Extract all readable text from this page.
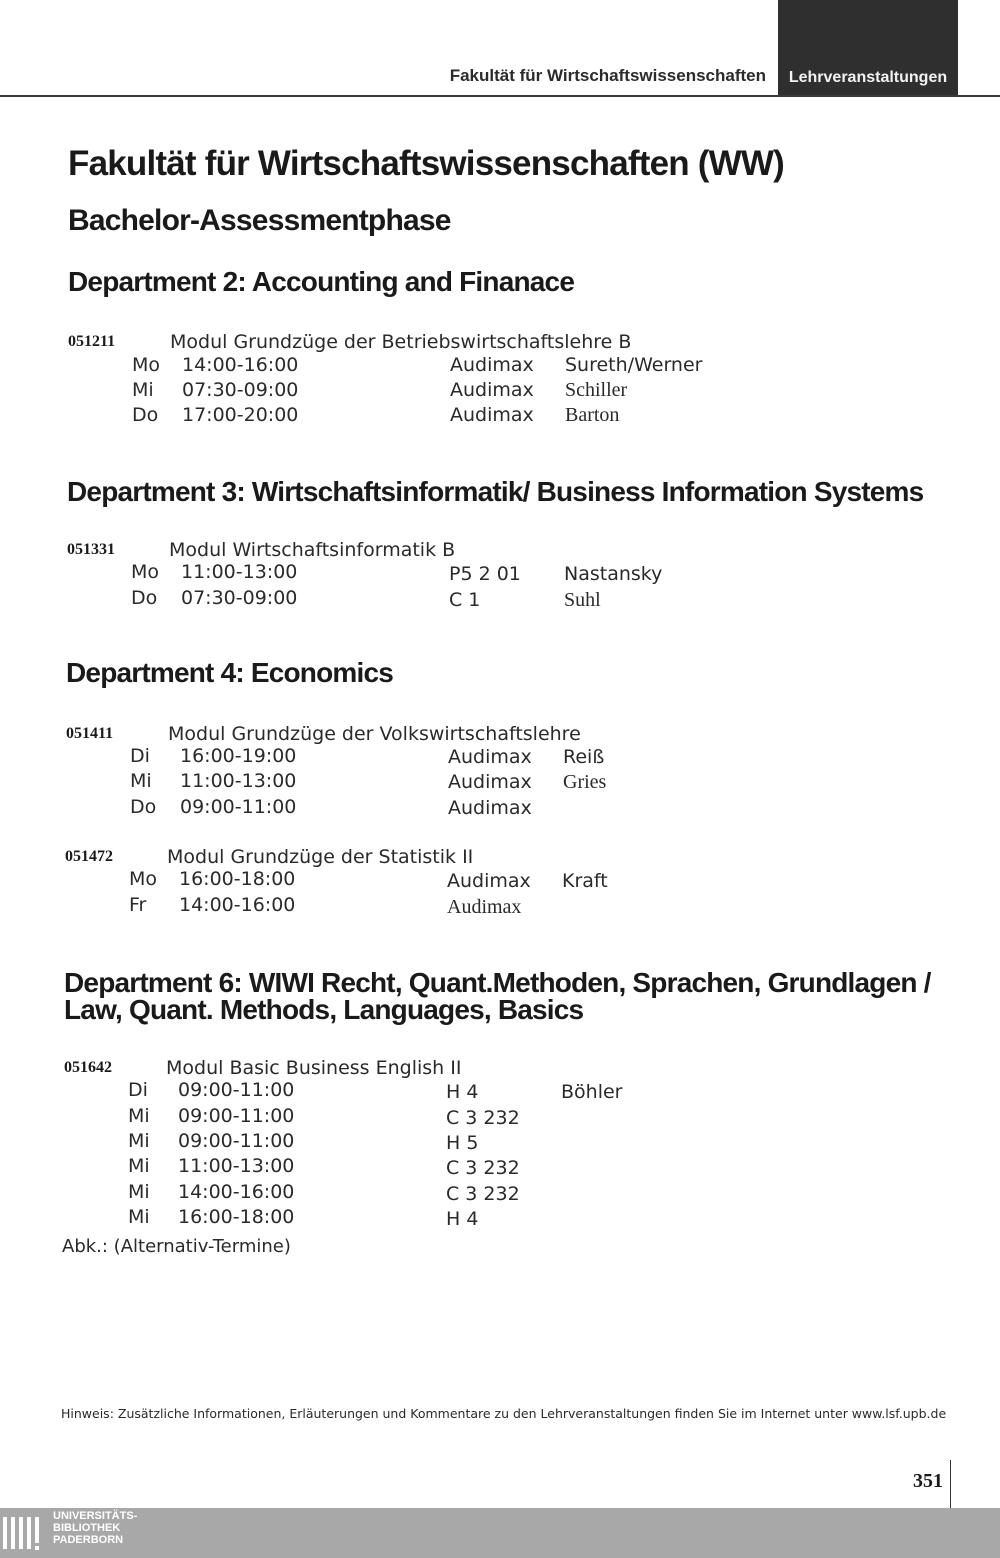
Fakultät für Wirtschaftswissenschaften	Lehrveranstaltungen
Fakultät für Wirtschaftswissenschaften (WW)
Bachelor-Assessmentphase
Department 2: Accounting and Finanace
051211	Modul Grundzüge der Betriebswirtschaftslehre B
Mo 14:00-16:00	Audimax Sureth/Werner
Mi 07:30-09:00	Audimax Schiller
Do 17:00-20:00	Audimax Barton
Department 3: Wirtschaftsinformatik/ Business Information Systems
051331	Modul Wirtschaftsinformatik B
Mo 11:00-13:00	P5 2 01 Nastansky
Do 07:30-09:00	C 1	Suhl
Department 4: Economics
051411	Modul Grundzüge der Volkswirtschaftslehre
Di 16:00-19:00	Audimax Reiß
Mi 11:00-13:00	Audimax Gries
Do 09:00-11:00	Audimax
051472	Modul Grundzüge der Statistik II
Mo 16:00-18:00	Audimax Kraft
Fr 14:00-16:00	Audimax
Department 6: WIWI Recht, Quant.Methoden, Sprachen, Grundlagen /
Law, Quant. Methods, Languages, Basics
051642	Modul Basic Business English II
Di 09:00-11:00	H 4	Böhler
Mi 09:00-11:00	C 3 232
Mi 09:00-11:00	H 5
Mi 11:00-13:00	C 3 232
Mi 14:00-16:00	C 3 232
Mi 16:00-18:00	H 4
Abk.: (Alternativ-Termine)
Hinweis: Zusätzliche Informationen, Erläuterungen und Kommentare zu den Lehrveranstaltungen finden Sie im Internet unter www.lsf.upb.de
351
UNIVERSITÄTS-
BIBLIOTHEK
PADERBORN
